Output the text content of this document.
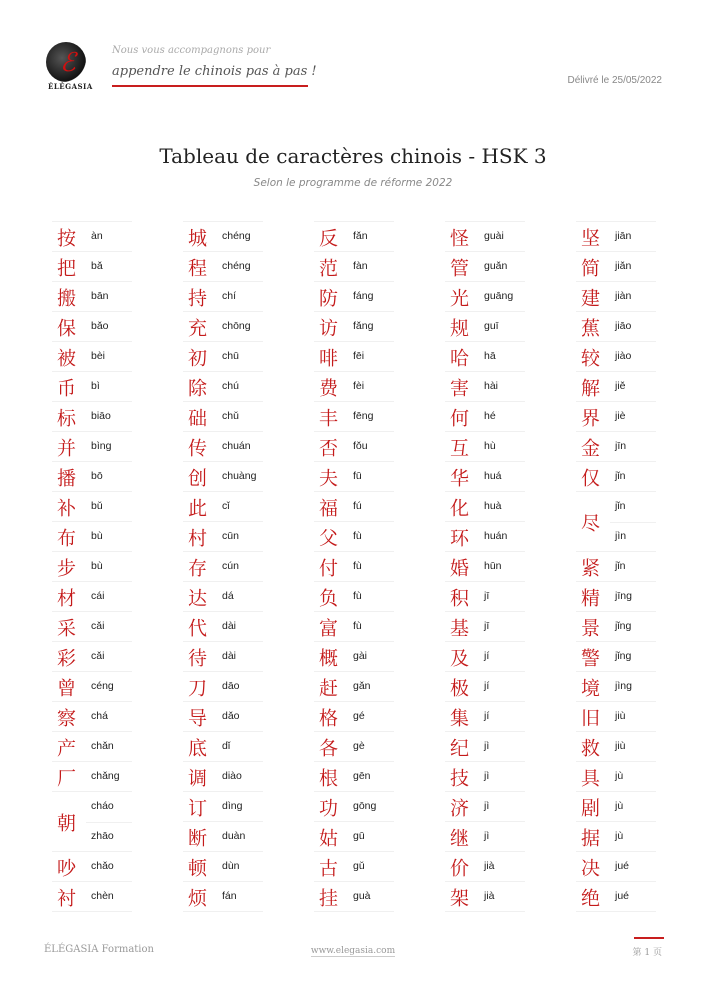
ℰ
ÉLÉGASIA
Nous vous accompagnons pour
appendre le chinois pas à pas !
Délivré le 25/05/2022
Tableau de caractères chinois - HSK 3
Selon le programme de réforme 2022
按 àn
把 bǎ
搬 bān
保 bǎo
被 bèi
币 bì
标 biāo
并 bìng
播 bō
补 bǔ
布 bù
步 bù
材 cái
采 cǎi
彩 cǎi
曾 céng
察 chá
产 chǎn
厂 chǎng
朝
cháo
zhāo
吵 chǎo
衬 chèn
城 chéng
程 chéng
持 chí
充 chōng
初 chū
除 chú
础 chǔ
传 chuán
创 chuàng
此 cǐ
村 cūn
存 cún
达 dá
代 dài
待 dài
刀 dāo
导 dǎo
底 dǐ
调 diào
订 dìng
断 duàn
顿 dùn
烦 fán
反 fǎn
范 fàn
防 fáng
访 fǎng
啡 fēi
费 fèi
丰 fēng
否 fǒu
夫 fū
福 fú
父 fù
付 fù
负 fù
富 fù
概 gài
赶 gǎn
格 gé
各 gè
根 gēn
功 gōng
姑 gū
古 gǔ
挂 guà
怪 guài
管 guǎn
光 guāng
规 guī
哈 hā
害 hài
何 hé
互 hù
华 huá
化 huà
环 huán
婚 hūn
积 jī
基 jī
及 jí
极 jí
集 jí
纪 jì
技 jì
济 jì
继 jì
价 jià
架 jià
坚 jiān
简 jiǎn
建 jiàn
蕉 jiāo
较 jiào
解 jiě
界 jiè
金 jīn
仅 jǐn
尽
jǐn
jìn
紧 jǐn
精 jīng
景 jǐng
警 jǐng
境 jìng
旧 jiù
救 jiù
具 jù
剧 jù
据 jù
决 jué
绝 jué
ÉLÉGASIA Formation	www.elegasia.com	第 1 页
